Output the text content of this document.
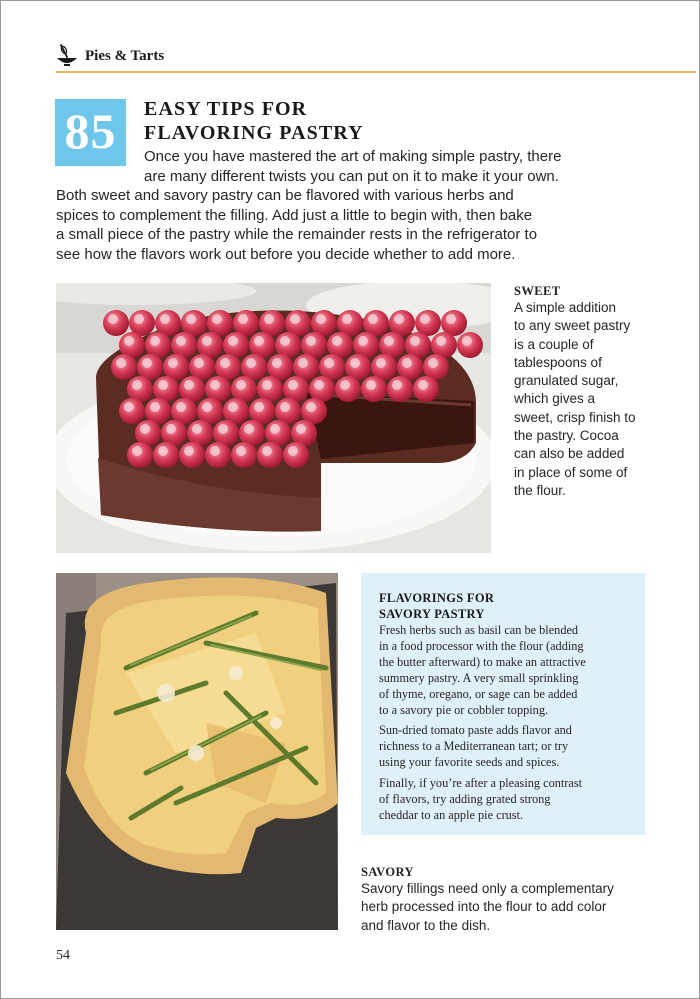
Pies & Tarts
85	EASY TIPS FOR
FLAVORING PASTRY
Once you have mastered the art of making simple pastry, there
are many different twists you can put on it to make it your own.
Both sweet and savory pastry can be flavored with various herbs and
spices to complement the filling. Add just a little to begin with, then bake
a small piece of the pastry while the remainder rests in the refrigerator to
see how the flavors work out before you decide whether to add more.
SWEET
A simple addition
to any sweet pastry
is a couple of
tablespoons of
granulated sugar,
which gives a
sweet, crisp finish to
the pastry. Cocoa
can also be added
in place of some of
the flour.
FLAVORINGS FOR
SAVORY PASTRY
Fresh herbs such as basil can be blended
in a food processor with the flour (adding
the butter afterward) to make an attractive
summery pastry. A very small sprinkling
of thyme, oregano, or sage can be added
to a savory pie or cobbler topping.
Sun-dried tomato paste adds flavor and
richness to a Mediterranean tart; or try
using your favorite seeds and spices.
Finally, if you’re after a pleasing contrast
of flavors, try adding grated strong
cheddar to an apple pie crust.
SAVORY
Savory fillings need only a complementary
herb processed into the flour to add color
and flavor to the dish.
54
